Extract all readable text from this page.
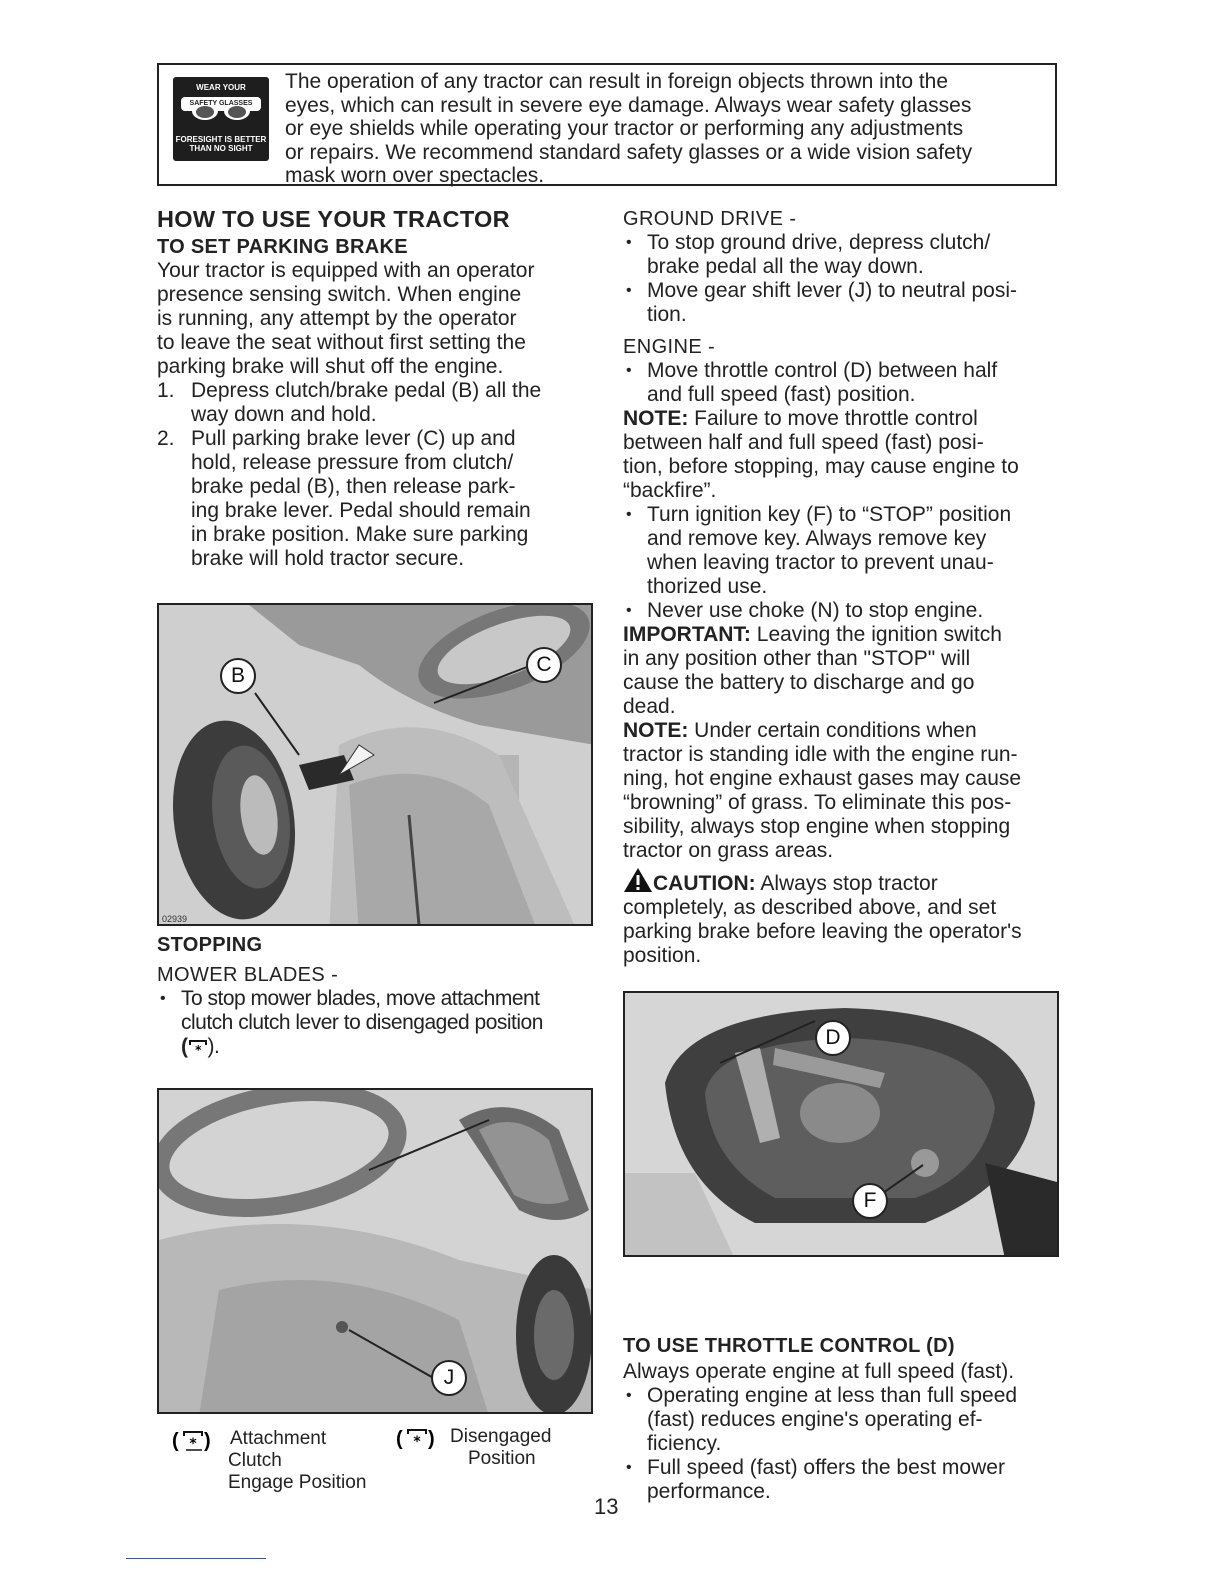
WEAR YOUR
SAFETY GLASSES
FORESIGHT IS BETTER THAN NO SIGHT
The operation of any tractor can result in foreign objects thrown into the
eyes, which can result in severe eye damage. Always wear safety glasses
or eye shields while operating your tractor or performing any adjustments
or repairs. We recommend standard safety glasses or a wide vision safety
mask worn over spectacles.
HOW TO USE YOUR TRACTOR
TO SET PARKING BRAKE
Your tractor is equipped with an operator
presence sensing switch. When engine
is running, any attempt by the operator
to leave the seat without first setting the
parking brake will shut off the engine.
1. Depress clutch/brake pedal (B) all the
way down and hold.
2. Pull parking brake lever (C) up and
hold, release pressure from clutch/
brake pedal (B), then release park-
ing brake lever. Pedal should remain
in brake position. Make sure parking
brake will hold tractor secure.
B	C
02939
STOPPING
MOWER BLADES -
• To stop mower blades, move attachment
clutch clutch lever to disengaged position
( * ).
J
( * ) Attachment
Clutch
Engage Position
( * ) Disengaged
Position
GROUND DRIVE -
• To stop ground drive, depress clutch/
brake pedal all the way down.
• Move gear shift lever (J) to neutral posi-
tion.
ENGINE -
• Move throttle control (D) between half
and full speed (fast) position.
NOTE: Failure to move throttle control
between half and full speed (fast) posi-
tion, before stopping, may cause engine to
“backfire”.
• Turn ignition key (F) to “STOP” position
and remove key. Always remove key
when leaving tractor to prevent unau-
thorized use.
• Never use choke (N) to stop engine.
IMPORTANT: Leaving the ignition switch
in any position other than "STOP" will
cause the battery to discharge and go
dead.
NOTE: Under certain conditions when
tractor is standing idle with the engine run-
ning, hot engine exhaust gases may cause
“browning” of grass. To eliminate this pos-
sibility, always stop engine when stopping
tractor on grass areas.
CAUTION: Always stop tractor
completely, as described above, and set
parking brake before leaving the operator's
position.
D
F
TO USE THROTTLE CONTROL (D)
Always operate engine at full speed (fast).
• Operating engine at less than full speed
(fast) reduces engine's operating ef-
ficiency.
• Full speed (fast) offers the best mower
performance.
13
